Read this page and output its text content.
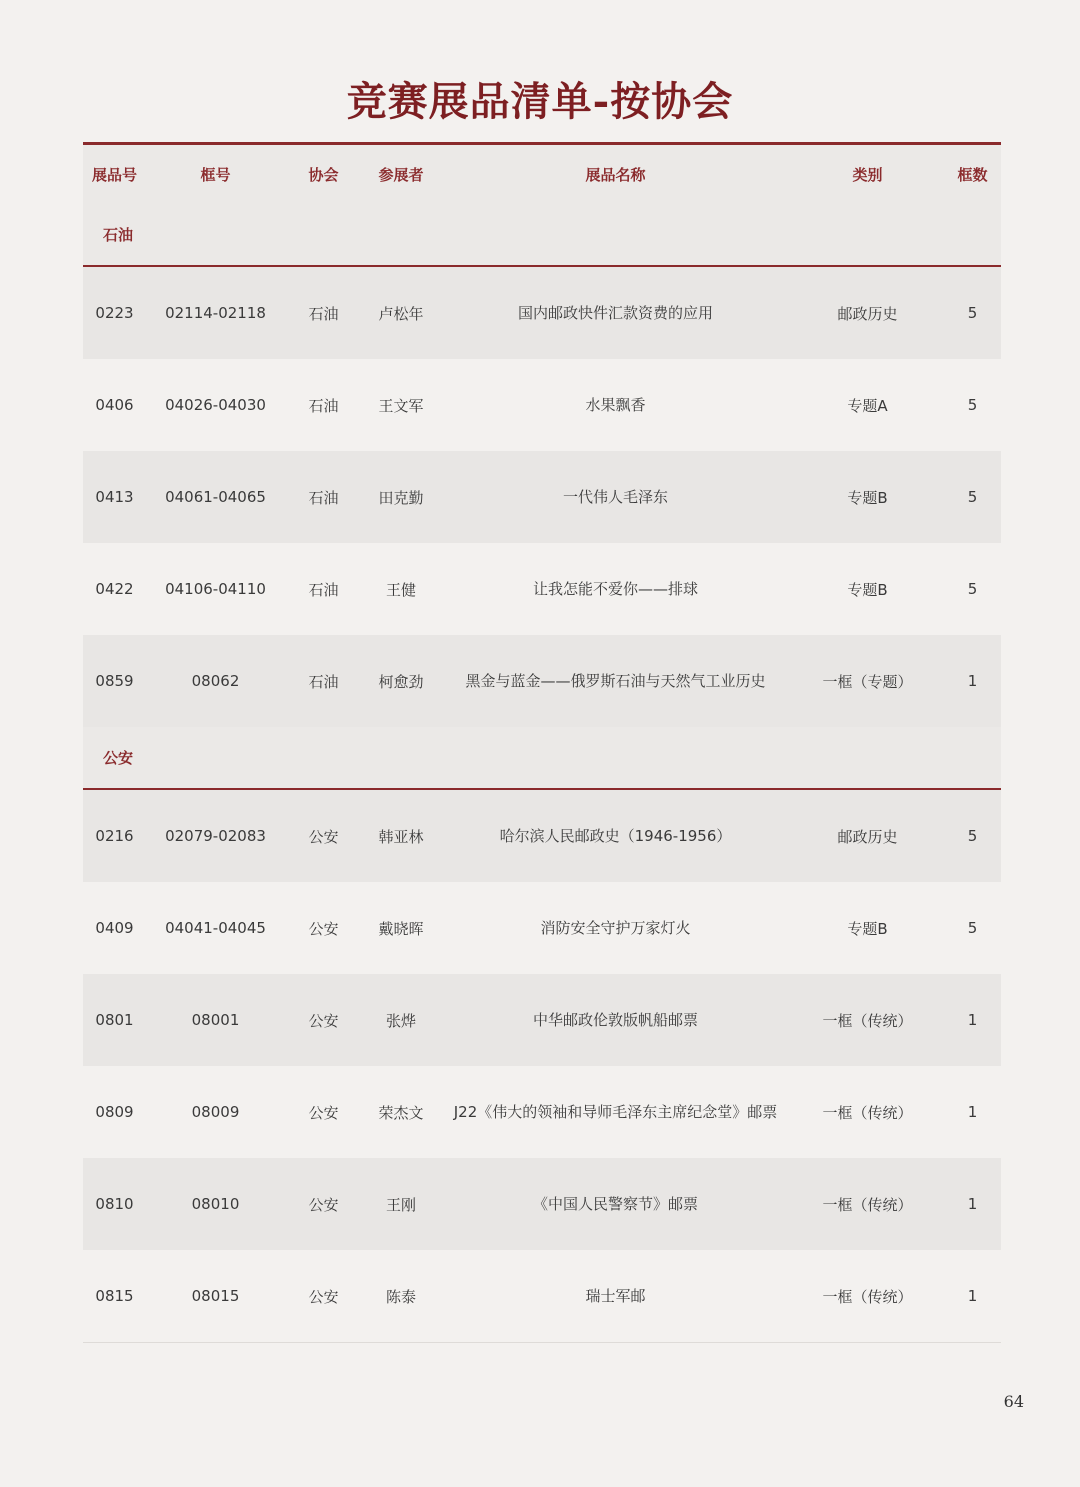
竞赛展品清单-按协会
展品号	框号	协会	参展者	展品名称	类别	框数
石油
0223	02114-02118	石油	卢松年	国内邮政快件汇款资费的应用	邮政历史	5
0406	04026-04030	石油	王文军	水果飘香	专题A	5
0413	04061-04065	石油	田克勤	一代伟人毛泽东	专题B	5
0422	04106-04110	石油	王健	让我怎能不爱你——排球	专题B	5
0859	08062	石油	柯愈劲	黑金与蓝金——俄罗斯石油与天然气工业历史	一框（专题）	1
公安
0216	02079-02083	公安	韩亚林	哈尔滨人民邮政史（1946-1956）	邮政历史	5
0409	04041-04045	公安	戴晓晖	消防安全守护万家灯火	专题B	5
0801	08001	公安	张烨	中华邮政伦敦版帆船邮票	一框（传统）	1
0809	08009	公安	荣杰文	J22《伟大的领袖和导师毛泽东主席纪念堂》邮票	一框（传统）	1
0810	08010	公安	王刚	《中国人民警察节》邮票	一框（传统）	1
0815	08015	公安	陈泰	瑞士军邮	一框（传统）	1
64
